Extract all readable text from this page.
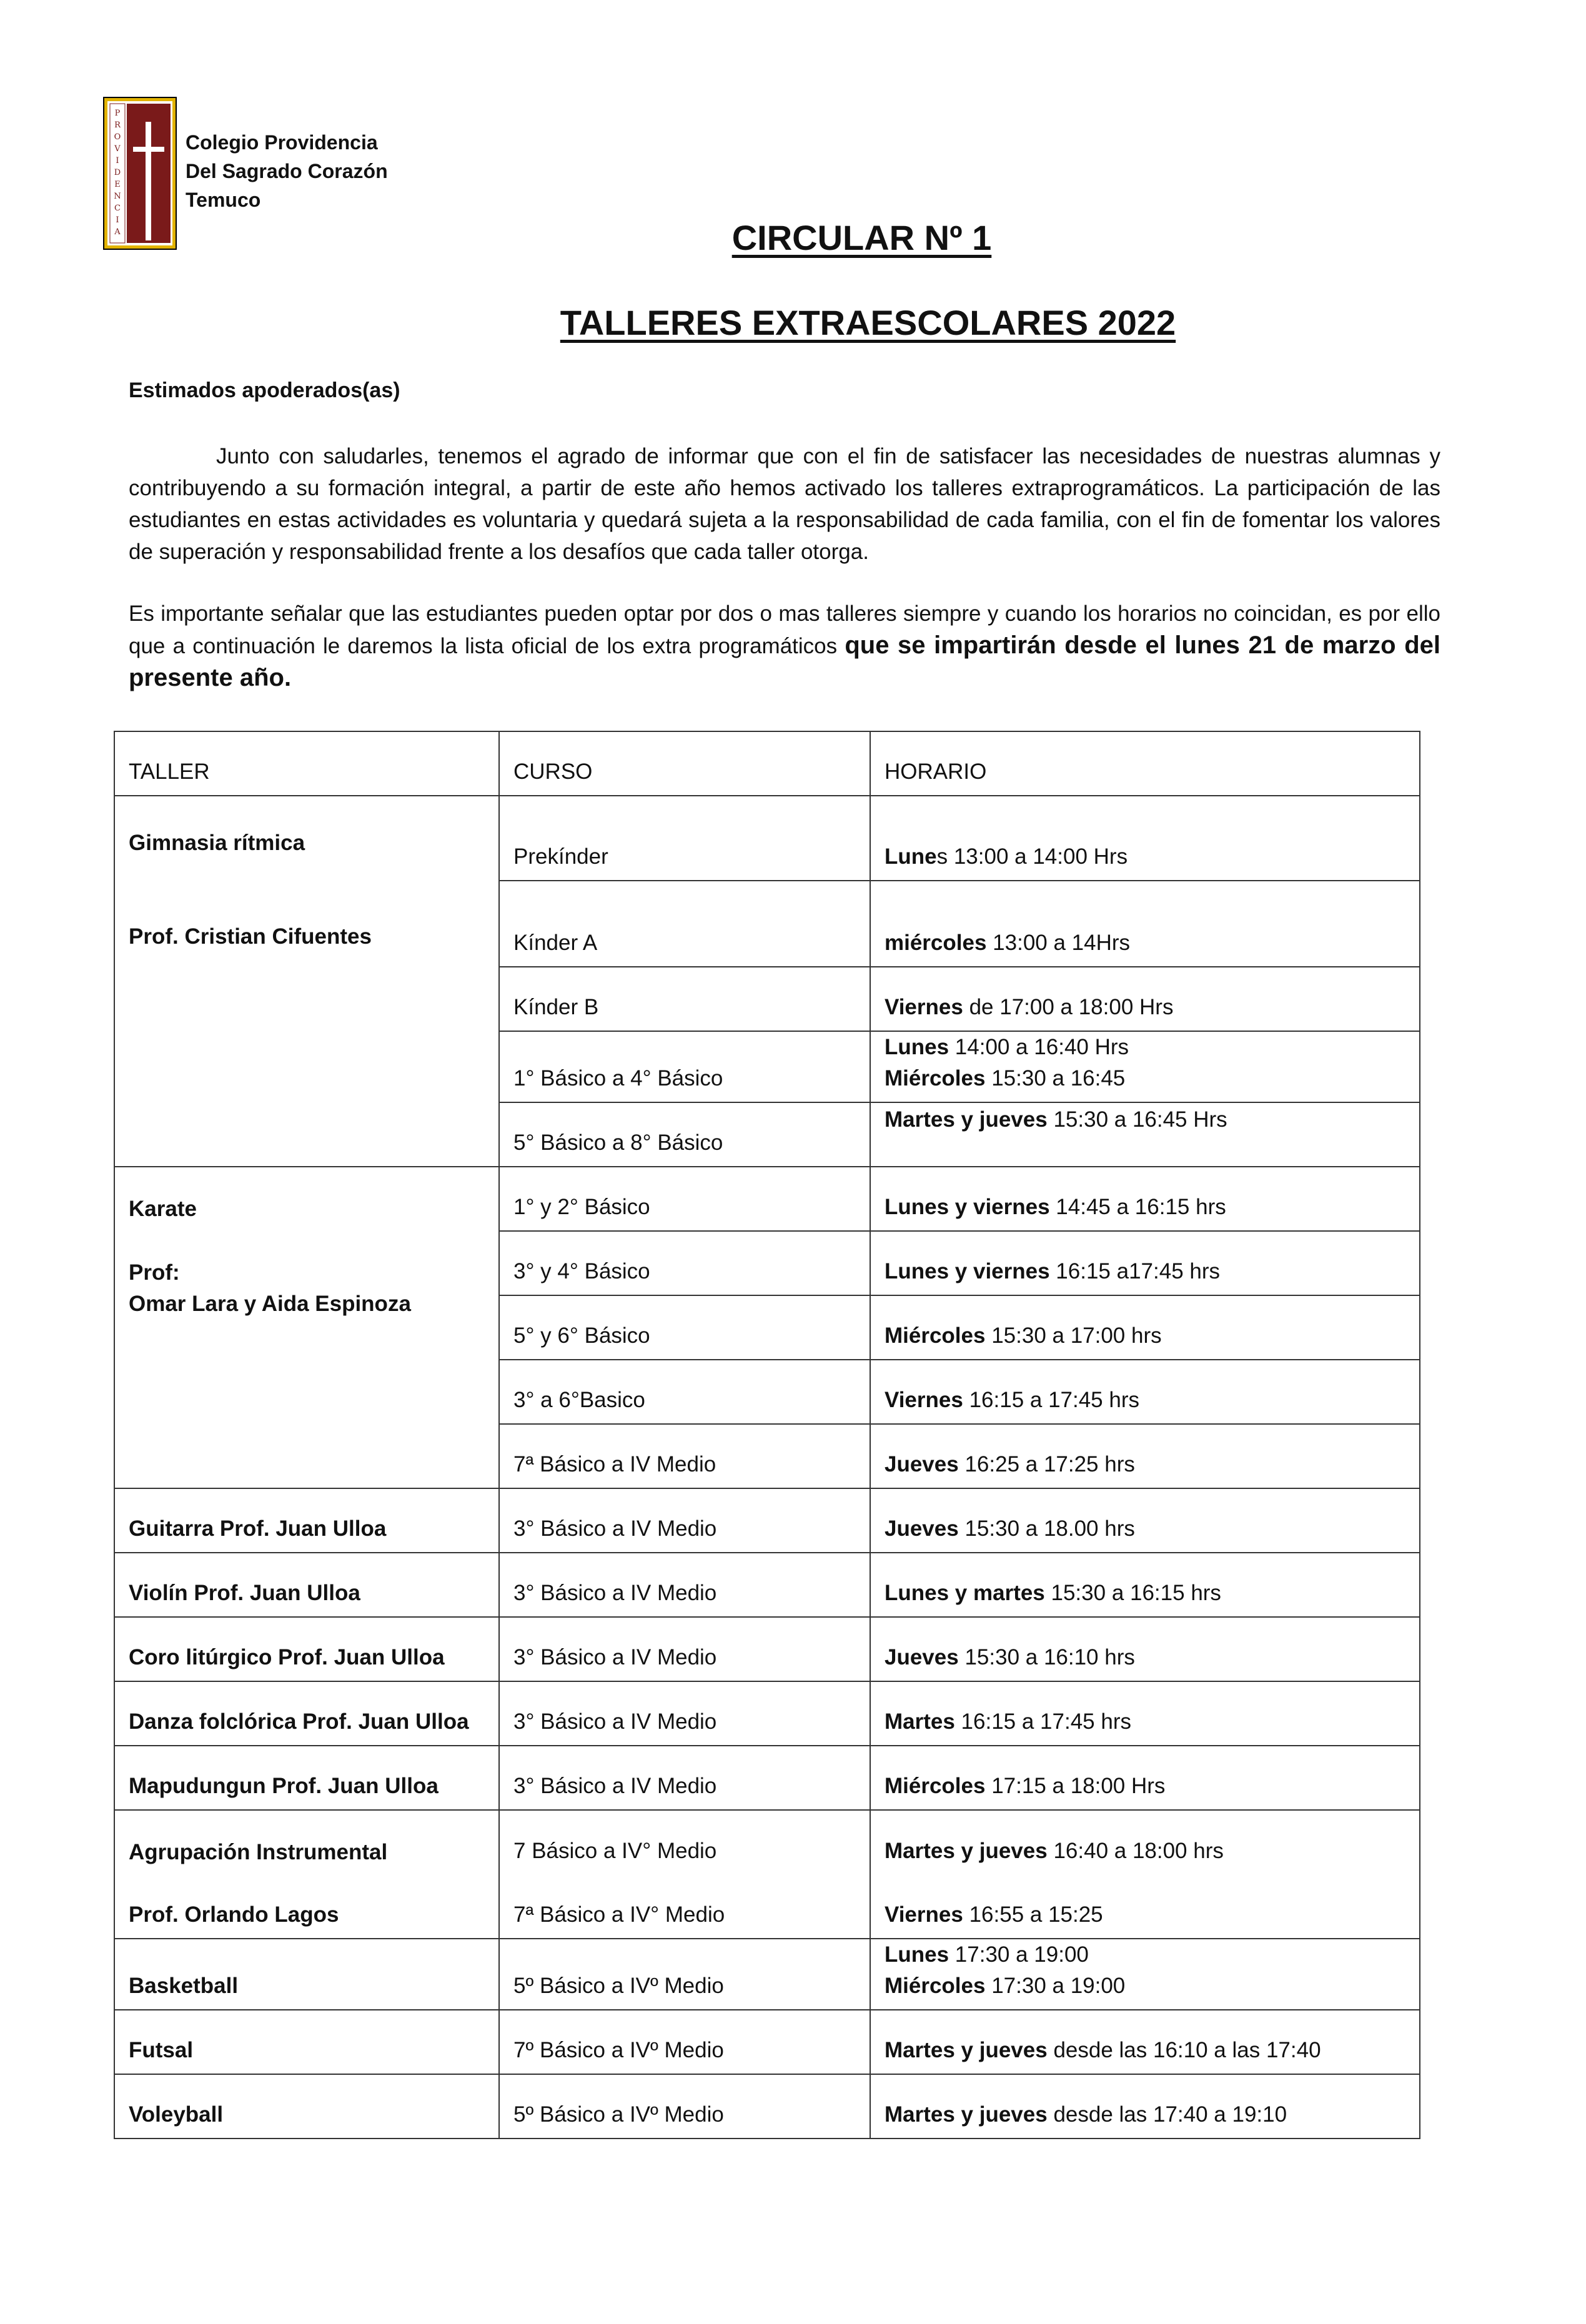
P
R
O
V
I
D
E
N
C
I
A
Colegio Providencia
Del Sagrado Corazón
Temuco
CIRCULAR Nº 1
TALLERES EXTRAESCOLARES 2022
Estimados apoderados(as)
Junto con saludarles, tenemos el agrado de informar que con el fin de satisfacer las necesidades de nuestras alumnas y contribuyendo a su formación integral, a partir de este año hemos activado los talleres extraprogramáticos. La participación de las estudiantes en estas actividades es voluntaria y quedará sujeta a la responsabilidad de cada familia, con el fin de fomentar los valores de superación y responsabilidad frente a los desafíos que cada taller otorga.
Es importante señalar que las estudiantes pueden optar por dos o mas talleres siempre y cuando los horarios no coincidan, es por ello que a continuación le daremos la lista oficial de los extra programáticos que se impartirán desde el lunes 21 de marzo del presente año.
TALLER	CURSO	HORARIO

Gimnasia rítmica

Prof. Cristian Cifuentes	Prekínder	Lunes 13:00 a 14:00 Hrs
	Kínder A	miércoles 13:00 a 14Hrs
	Kínder B	Viernes de 17:00 a 18:00 Hrs
	1° Básico a 4° Básico	Lunes 14:00 a 16:40 Hrs
Miércoles 15:30 a 16:45

	5° Básico a 8° Básico	Martes y jueves 15:30 a 16:45 Hrs

Karate

Prof:

Omar Lara y Aida Espinoza	1° y 2° Básico	Lunes y viernes 14:45 a 16:15 hrs
	3° y 4° Básico	Lunes y viernes 16:15 a17:45 hrs
	5° y 6° Básico	Miércoles 15:30 a 17:00 hrs
	3° a 6°Basico	Viernes 16:15 a 17:45 hrs
	7ª Básico a IV Medio	Jueves 16:25 a 17:25 hrs
Guitarra Prof. Juan Ulloa	3° Básico a IV Medio	Jueves 15:30 a 18.00 hrs
Violín Prof. Juan Ulloa	3° Básico a IV Medio	Lunes y martes 15:30 a 16:15 hrs
Coro litúrgico Prof. Juan Ulloa	3° Básico a IV Medio	Jueves 15:30 a 16:10 hrs
Danza folclórica Prof. Juan Ulloa	3° Básico a IV Medio	Martes 16:15 a 17:45 hrs
Mapudungun Prof. Juan Ulloa	3° Básico a IV Medio	Miércoles 17:15 a 18:00 Hrs

Agrupación Instrumental

Prof. Orlando Lagos	7 Básico a IV° Medio	Martes y jueves 16:40 a 18:00 hrs
	7ª Básico a IV° Medio	Viernes 16:55 a 15:25
Basketball	5º Básico a IVº Medio	Lunes 17:30 a 19:00
Miércoles 17:30 a 19:00

Futsal	7º Básico a IVº Medio	Martes y jueves desde las 16:10 a las 17:40
Voleyball	5º Básico a IVº Medio	Martes y jueves desde las 17:40 a 19:10
